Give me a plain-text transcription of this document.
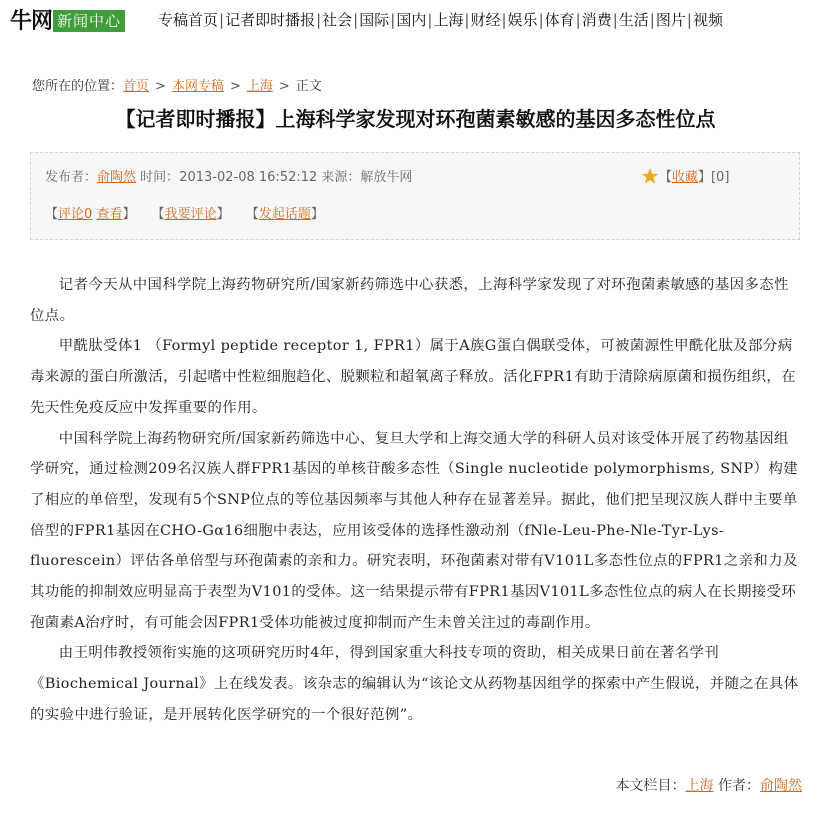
牛网 新闻中心 专稿首页|记者即时播报|社会|国际|国内|上海|财经|娱乐|体育|消费|生活|图片|视频
您所在的位置：首页 > 本网专稿 > 上海 > 正文
【记者即时播报】上海科学家发现对环孢菌素敏感的基因多态性位点
发布者：俞陶然 时间：2013-02-08 16:52:12 来源：解放牛网	★【收藏】[0]
【评论0 查看】 【我要评论】 【发起话题】

记者今天从中国科学院上海药物研究所/国家新药筛选中心获悉，上海科学家发现了对环孢菌素敏感的基因多态性位点。

甲酰肽受体1 （Formyl peptide receptor 1, FPR1）属于A族G蛋白偶联受体，可被菌源性甲酰化肽及部分病毒来源的蛋白所激活，引起嗜中性粒细胞趋化、脱颗粒和超氧离子释放。活化FPR1有助于清除病原菌和损伤组织，在先天性免疫反应中发挥重要的作用。

中国科学院上海药物研究所/国家新药筛选中心、复旦大学和上海交通大学的科研人员对该受体开展了药物基因组学研究，通过检测209名汉族人群FPR1基因的单核苷酸多态性（Single nucleotide polymorphisms, SNP）构建了相应的单倍型，发现有5个SNP位点的等位基因频率与其他人种存在显著差异。据此，他们把呈现汉族人群中主要单倍型的FPR1基因在CHO-Gα16细胞中表达，应用该受体的选择性激动剂（fNle-Leu-Phe-Nle-Tyr-Lys-fluorescein）评估各单倍型与环孢菌素的亲和力。研究表明，环孢菌素对带有V101L多态性位点的FPR1之亲和力及其功能的抑制效应明显高于表型为V101的受体。这一结果提示带有FPR1基因V101L多态性位点的病人在长期接受环孢菌素A治疗时，有可能会因FPR1受体功能被过度抑制而产生未曾关注过的毒副作用。

由王明伟教授领衔实施的这项研究历时4年，得到国家重大科技专项的资助，相关成果日前在著名学刊《Biochemical Journal》上在线发表。该杂志的编辑认为“该论文从药物基因组学的探索中产生假说，并随之在具体的实验中进行验证，是开展转化医学研究的一个很好范例”。

本文栏目：上海 作者：俞陶然
